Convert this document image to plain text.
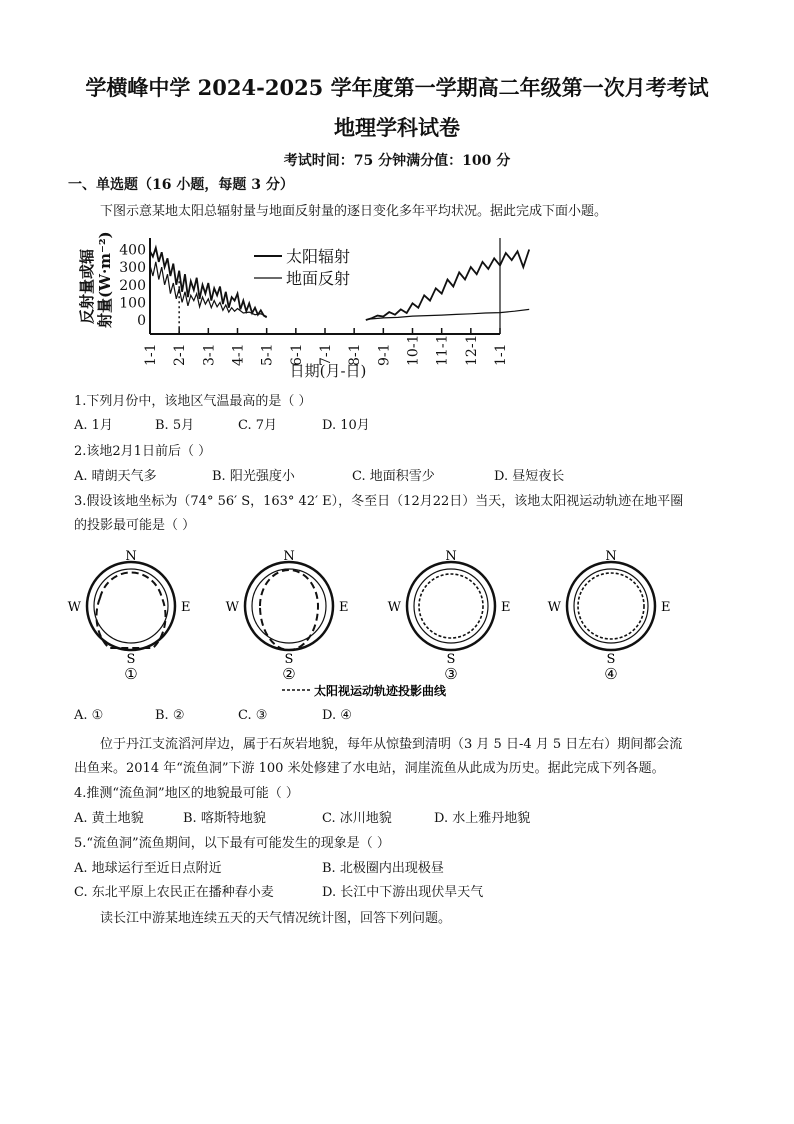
学横峰中学 2024-2025 学年度第一学期高二年级第一次月考考试
地理学科试卷
考试时间：75 分钟满分值：100 分
一、单选题（16 小题，每题 3 分）
下图示意某地太阳总辐射量与地面反射量的逐日变化多年平均状况。据此完成下面小题。
反射量或辐 射量(W·m⁻²) 400
300
200
100
0
太阳辐射
地面反射
1-1 2-1 3-1 4-1 5-1 6-1 7-1 8-1 9-1 10-1 11-1 12-1 1-1
日期(月-日)
1.下列月份中，该地区气温最高的是（ ）
A. 1月	B. 5月	C. 7月	D. 10月
2.该地2月1日前后（ ）
A. 晴朗天气多	B. 阳光强度小	C. 地面积雪少	D. 昼短夜长
3.假设该地坐标为（74° 56′ S，163° 42′ E），冬至日（12月22日）当天，该地太阳视运动轨迹在地平圈
的投影最可能是（ ）
N
S
W	E
①
N
S
W	E
②
N
S
W	E
③
N
S
W	E
④
太阳视运动轨迹投影曲线
A. ①	B. ②	C. ③	D. ④
位于丹江支流滔河岸边，属于石灰岩地貌，每年从惊蛰到清明（3 月 5 日-4 月 5 日左右）期间都会流
出鱼来。2014 年“流鱼洞”下游 100 米处修建了水电站，洞崖流鱼从此成为历史。据此完成下列各题。
4.推测“流鱼洞”地区的地貌最可能（ ）
A. 黄土地貌	B. 喀斯特地貌	C. 冰川地貌	D. 水上雅丹地貌
5.“流鱼洞”流鱼期间，以下最有可能发生的现象是（ ）
A. 地球运行至近日点附近	B. 北极圈内出现极昼
C. 东北平原上农民正在播种春小麦	D. 长江中下游出现伏旱天气
读长江中游某地连续五天的天气情况统计图，回答下列问题。
